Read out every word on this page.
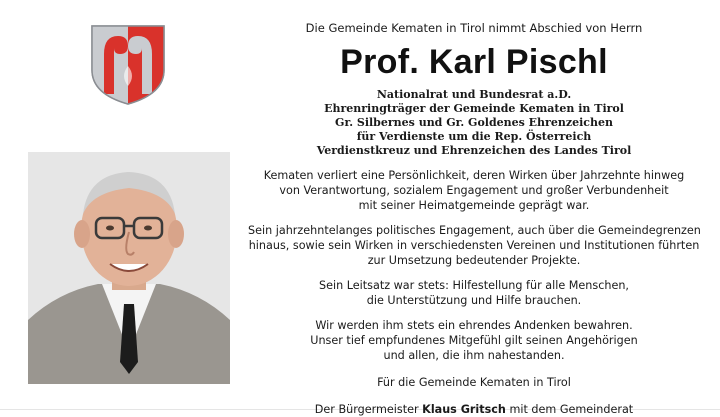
Die Gemeinde Kematen in Tirol nimmt Abschied von Herrn

Prof. Karl Pischl
Nationalrat und Bundesrat a.D.
Ehrenringträger der Gemeinde Kematen in Tirol
Gr. Silbernes und Gr. Goldenes Ehrenzeichen
für Verdienste um die Rep. Österreich
Verdienstkreuz und Ehrenzeichen des Landes Tirol
Kematen verliert eine Persönlichkeit, deren Wirken über Jahrzehnte hinweg
von Verantwortung, sozialem Engagement und großer Verbundenheit
mit seiner Heimatgemeinde geprägt war.
Sein jahrzehntelanges politisches Engagement, auch über die Gemeindegrenzen
hinaus, sowie sein Wirken in verschiedensten Vereinen und Institutionen führten
zur Umsetzung bedeutender Projekte.
Sein Leitsatz war stets: Hilfestellung für alle Menschen,
die Unterstützung und Hilfe brauchen.
Wir werden ihm stets ein ehrendes Andenken bewahren.
Unser tief empfundenes Mitgefühl gilt seinen Angehörigen
und allen, die ihm nahestanden.
Für die Gemeinde Kematen in Tirol
Der Bürgermeister Klaus Gritsch mit dem Gemeinderat
